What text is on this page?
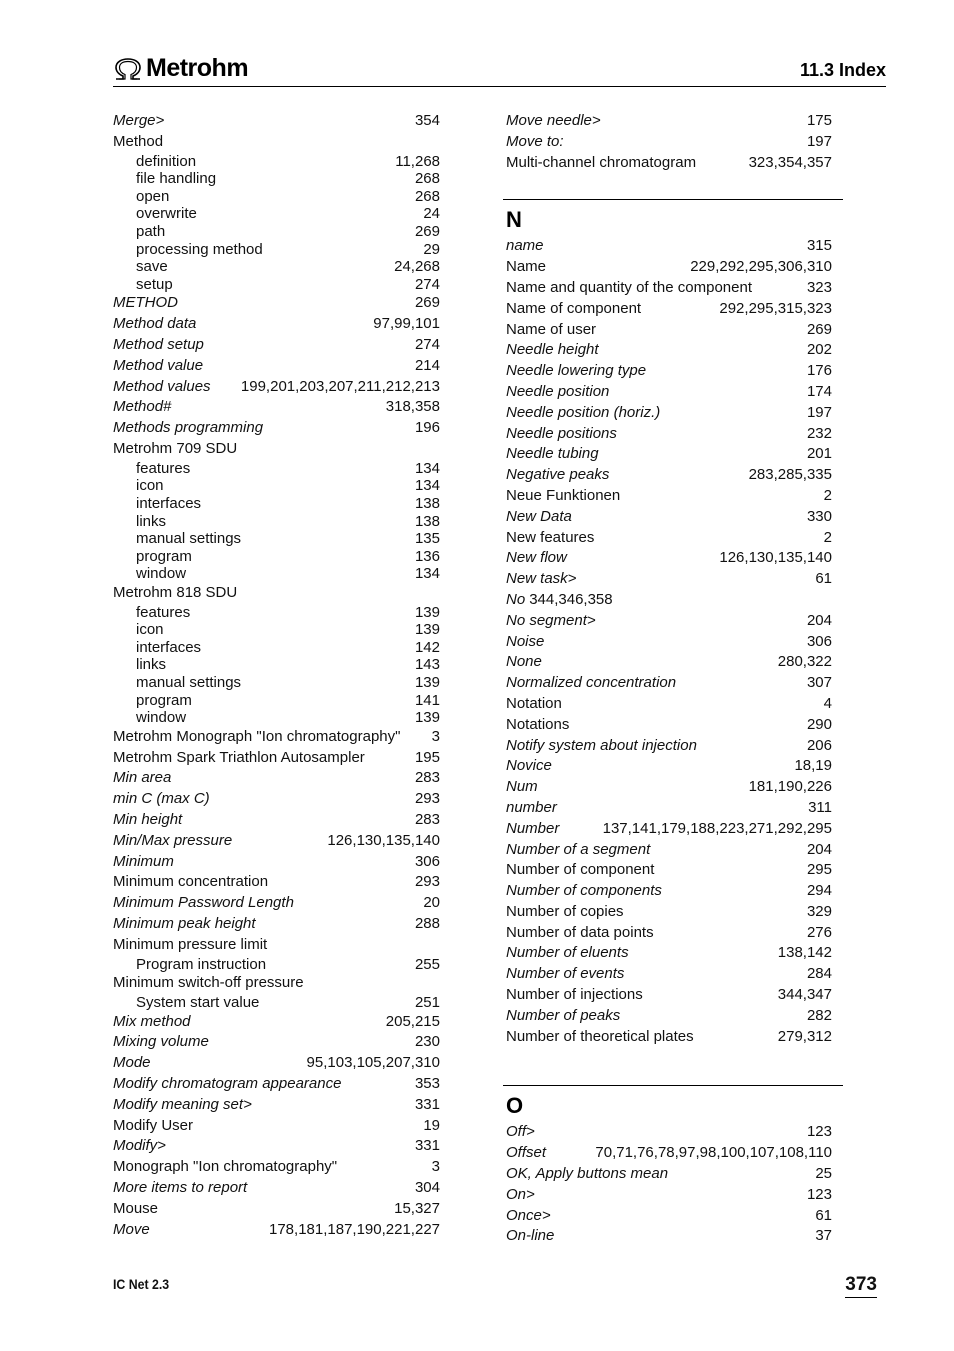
Metrohm	11.3 Index
Merge>	354
Method
definition	11,268
file handling	268
open	268
overwrite	24
path	269
processing method	29
save	24,268
setup	274
METHOD	269
Method data	97,99,101
Method setup	274
Method value	214
Method values	199,201,203,207,211,212,213
Method#	318,358
Methods programming	196
Metrohm 709 SDU
features	134
icon	134
interfaces	138
links	138
manual settings	135
program	136
window	134
Metrohm 818 SDU
features	139
icon	139
interfaces	142
links	143
manual settings	139
program	141
window	139
Metrohm Monograph "Ion chromatography"	3
Metrohm Spark Triathlon Autosampler	195
Min area	283
min C (max C)	293
Min height	283
Min/Max pressure	126,130,135,140
Minimum	306
Minimum concentration	293
Minimum Password Length	20
Minimum peak height	288
Minimum pressure limit
Program instruction	255
Minimum switch-off pressure
System start value	251
Mix method	205,215
Mixing volume	230
Mode	95,103,105,207,310
Modify chromatogram appearance	353
Modify meaning set>	331
Modify User	19
Modify>	331
Monograph "Ion chromatography"	3
More items to report	304
Mouse	15,327
Move	178,181,187,190,221,227
Move needle>	175
Move to:	197
Multi-channel chromatogram	323,354,357
N
name	315
Name	229,292,295,306,310
Name and quantity of the component	323
Name of component	292,295,315,323
Name of user	269
Needle height	202
Needle lowering type	176
Needle position	174
Needle position (horiz.)	197
Needle positions	232
Needle tubing	201
Negative peaks	283,285,335
Neue Funktionen	2
New Data	330
New features	2
New flow	126,130,135,140
New task>	61
No 344,346,358
No segment>	204
Noise	306
None	280,322
Normalized concentration	307
Notation	4
Notations	290
Notify system about injection	206
Novice	18,19
Num	181,190,226
number	311
Number	137,141,179,188,223,271,292,295
Number of a segment	204
Number of component	295
Number of components	294
Number of copies	329
Number of data points	276
Number of eluents	138,142
Number of events	284
Number of injections	344,347
Number of peaks	282
Number of theoretical plates	279,312
O
Off>	123
Offset	70,71,76,78,97,98,100,107,108,110
OK, Apply buttons mean	25
On>	123
Once>	61
On-line	37
IC Net 2.3	373
